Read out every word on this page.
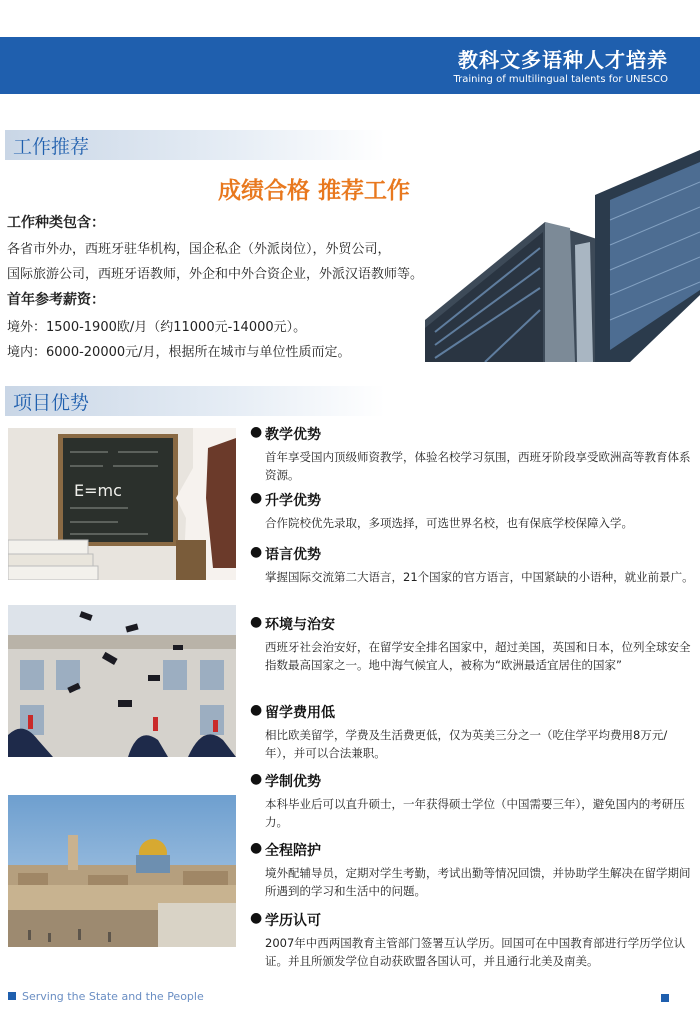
教科文多语种人才培养
Training of multilingual talents for UNESCO
工作推荐
成绩合格 推荐工作
工作种类包含：
各省市外办，西班牙驻华机构，国企私企（外派岗位），外贸公司，
国际旅游公司，西班牙语教师，外企和中外合资企业，外派汉语教师等。
首年参考薪资：
境外：1500-1900欧/月（约11000元-14000元）。
境内：6000-20000元/月，根据所在城市与单位性质而定。
项目优势
E=mc
● 教学优势
首年享受国内顶级师资教学，体验名校学习氛围，西班牙阶段享受欧洲高等教育体系资源。
● 升学优势
合作院校优先录取，多项选择，可选世界名校，也有保底学校保障入学。
● 语言优势
掌握国际交流第二大语言，21个国家的官方语言，中国紧缺的小语种，就业前景广。
● 环境与治安
西班牙社会治安好，在留学安全排名国家中，超过美国，英国和日本，位列全球安全指数最高国家之一。地中海气候宜人，被称为“欧洲最适宜居住的国家”
● 留学费用低
相比欧美留学，学费及生活费更低，仅为英美三分之一（吃住学平均费用8万元/年），并可以合法兼职。
● 学制优势
本科毕业后可以直升硕士，一年获得硕士学位（中国需要三年），避免国内的考研压力。
● 全程陪护
境外配辅导员，定期对学生考勤，考试出勤等情况回馈，并协助学生解决在留学期间所遇到的学习和生活中的问题。
● 学历认可
2007年中西两国教育主管部门签署互认学历。回国可在中国教育部进行学历学位认证。并且所颁发学位自动获欧盟各国认可，并且通行北美及南美。
Serving the State and the People
